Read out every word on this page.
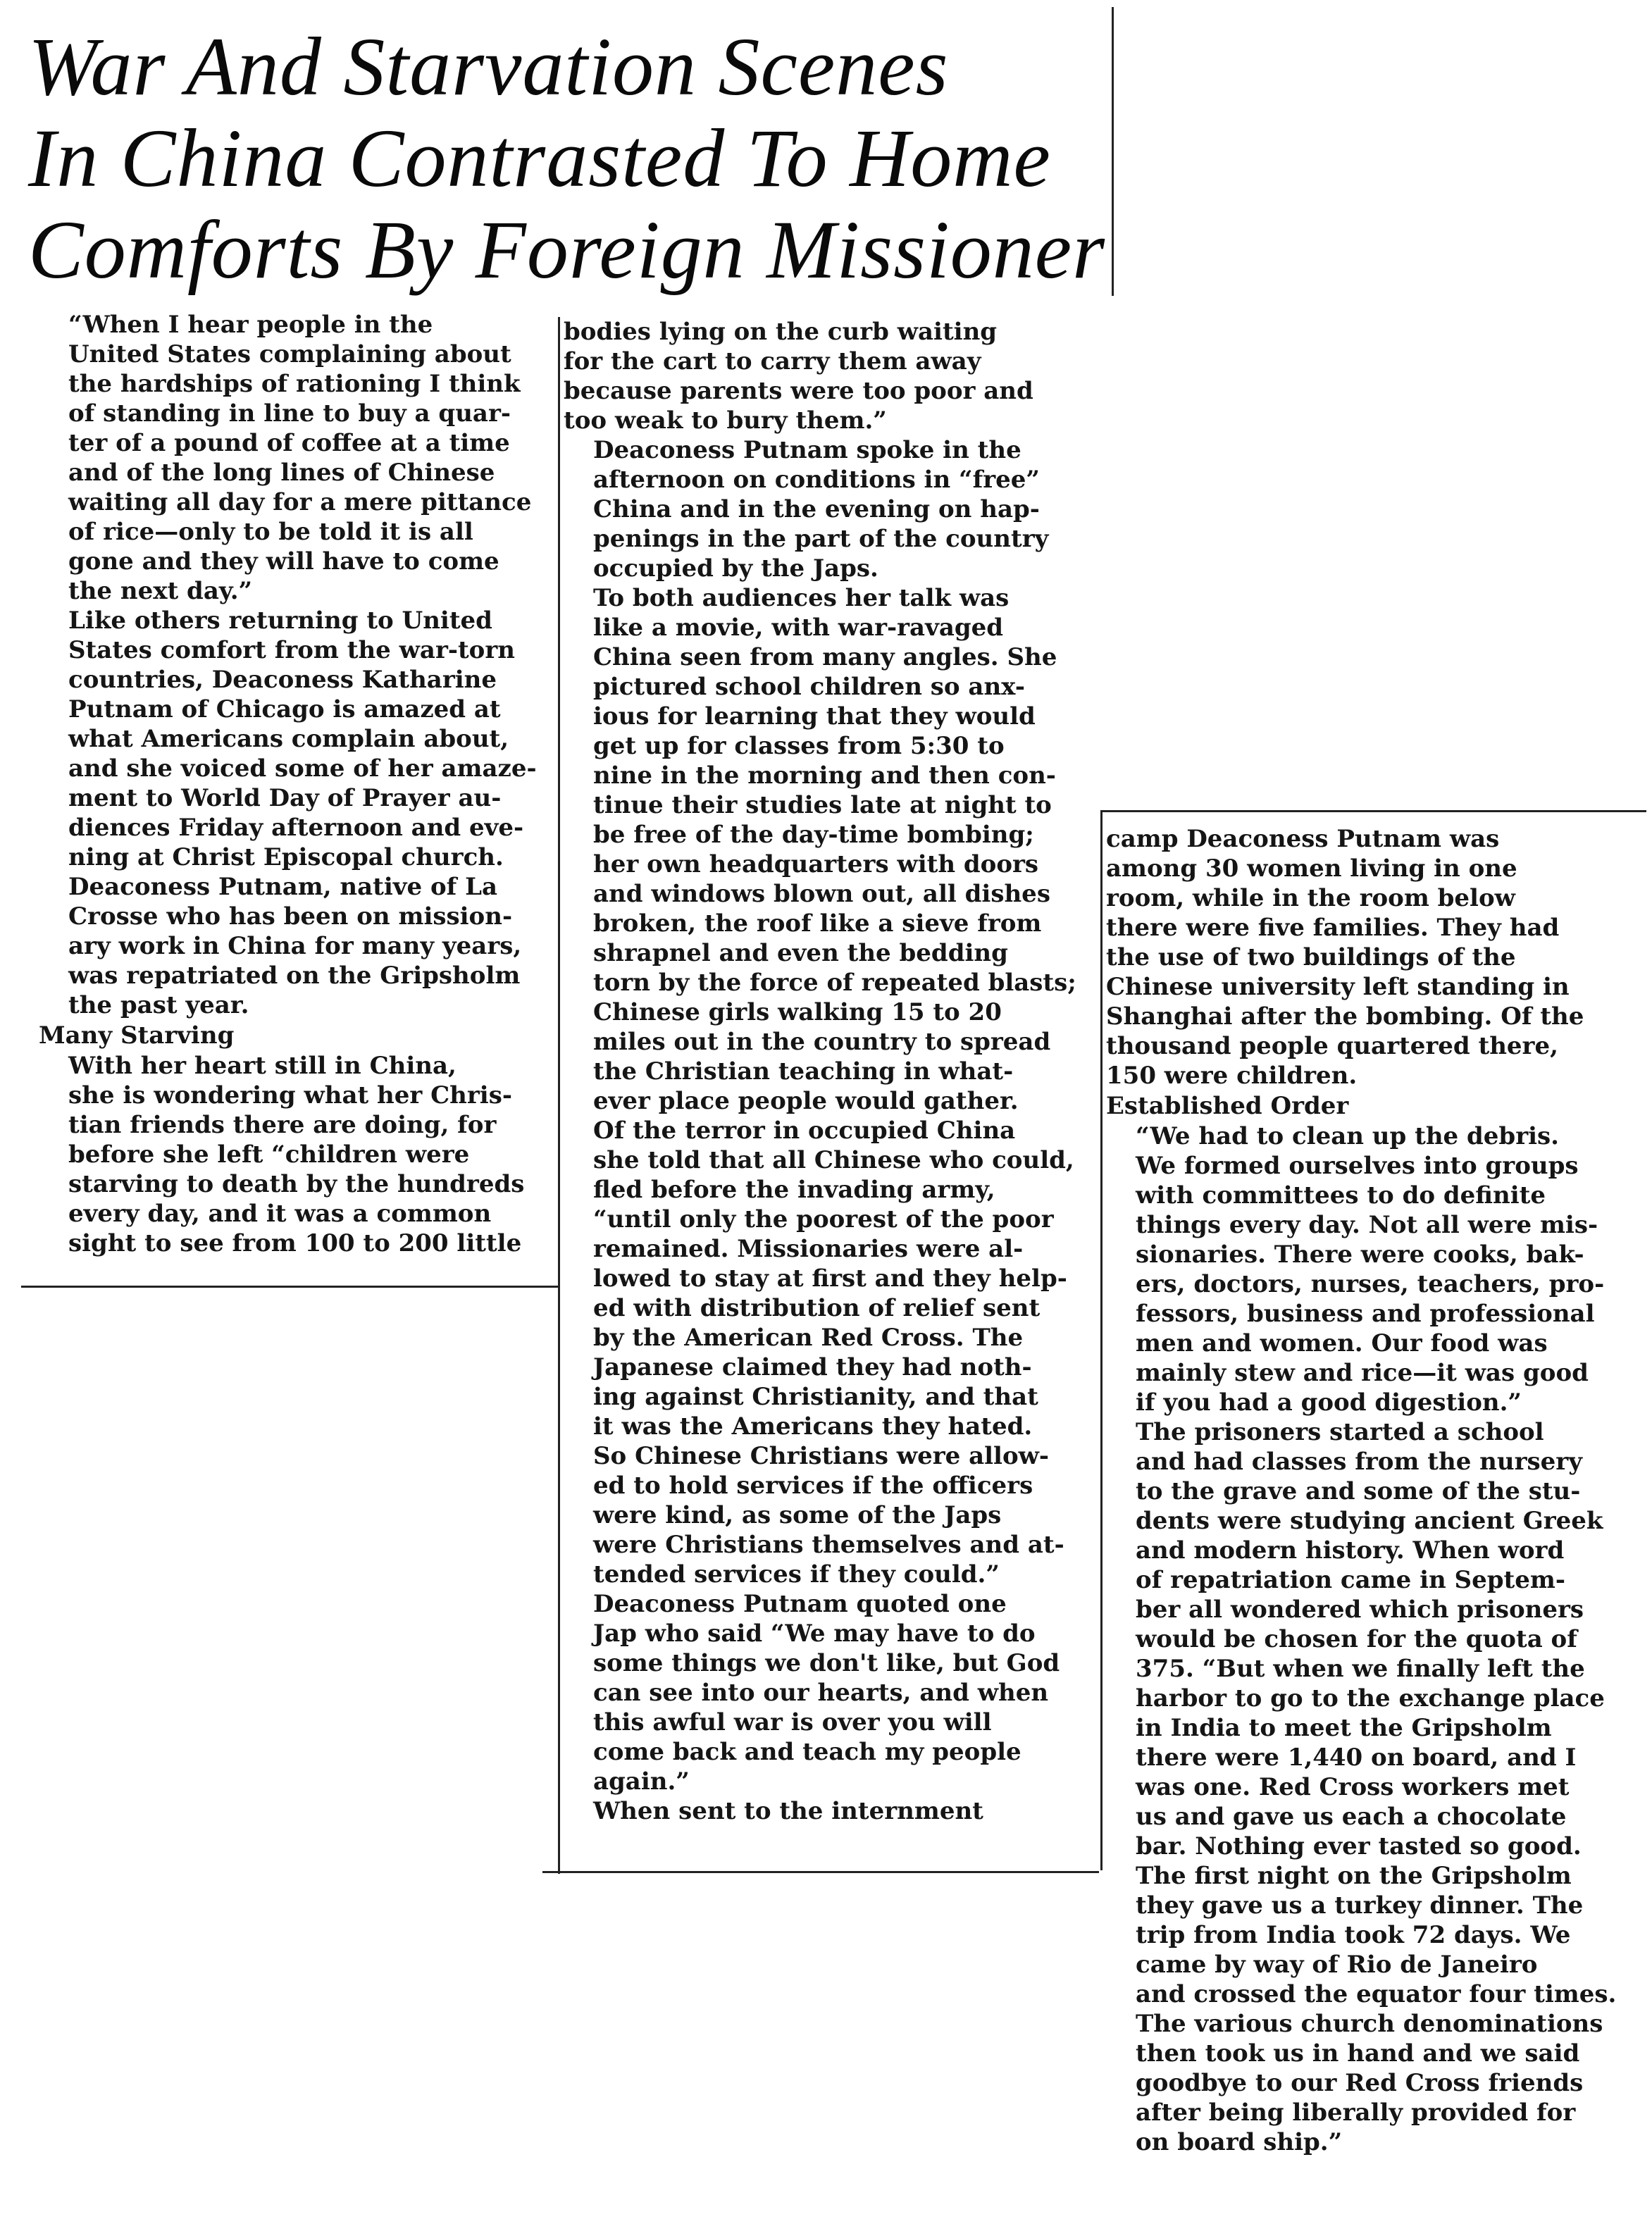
War And Starvation Scenes
In China Contrasted To Home
Comforts By Foreign Missioner

“When I hear people in the
United States complaining about
the hardships of rationing I think
of standing in line to buy a quar-
ter of a pound of coffee at a time
and of the long lines of Chinese
waiting all day for a mere pittance
of rice—only to be told it is all
gone and they will have to come
the next day.”

Like others returning to United
States comfort from the war-torn
countries, Deaconess Katharine
Putnam of Chicago is amazed at
what Americans complain about,
and she voiced some of her amaze-
ment to World Day of Prayer au-
diences Friday afternoon and eve-
ning at Christ Episcopal church.
Deaconess Putnam, native of La
Crosse who has been on mission-
ary work in China for many years,
was repatriated on the Gripsholm
the past year.

Many Starving

With her heart still in China,
she is wondering what her Chris-
tian friends there are doing, for
before she left “children were
starving to death by the hundreds
every day, and it was a common
sight to see from 100 to 200 little

bodies lying on the curb waiting
for the cart to carry them away
because parents were too poor and
too weak to bury them.”

Deaconess Putnam spoke in the
afternoon on conditions in “free”
China and in the evening on hap-
penings in the part of the country
occupied by the Japs.

To both audiences her talk was
like a movie, with war-ravaged
China seen from many angles. She
pictured school children so anx-
ious for learning that they would
get up for classes from 5:30 to
nine in the morning and then con-
tinue their studies late at night to
be free of the day-time bombing;
her own headquarters with doors
and windows blown out, all dishes
broken, the roof like a sieve from
shrapnel and even the bedding
torn by the force of repeated blasts;
Chinese girls walking 15 to 20
miles out in the country to spread
the Christian teaching in what-
ever place people would gather.

Of the terror in occupied China
she told that all Chinese who could,
fled before the invading army,
“until only the poorest of the poor
remained. Missionaries were al-
lowed to stay at first and they help-
ed with distribution of relief sent
by the American Red Cross. The
Japanese claimed they had noth-
ing against Christianity, and that
it was the Americans they hated.
So Chinese Christians were allow-
ed to hold services if the officers
were kind, as some of the Japs
were Christians themselves and at-
tended services if they could.”

Deaconess Putnam quoted one
Jap who said “We may have to do
some things we don't like, but God
can see into our hearts, and when
this awful war is over you will
come back and teach my people
again.”

When sent to the internment

camp Deaconess Putnam was
among 30 women living in one
room, while in the room below
there were five families. They had
the use of two buildings of the
Chinese university left standing in
Shanghai after the bombing. Of the
thousand people quartered there,
150 were children.

Established Order

“We had to clean up the debris.
We formed ourselves into groups
with committees to do definite
things every day. Not all were mis-
sionaries. There were cooks, bak-
ers, doctors, nurses, teachers, pro-
fessors, business and professional
men and women. Our food was
mainly stew and rice—it was good
if you had a good digestion.”

The prisoners started a school
and had classes from the nursery
to the grave and some of the stu-
dents were studying ancient Greek
and modern history. When word
of repatriation came in Septem-
ber all wondered which prisoners
would be chosen for the quota of
375. “But when we finally left the
harbor to go to the exchange place
in India to meet the Gripsholm
there were 1,440 on board, and I
was one. Red Cross workers met
us and gave us each a chocolate
bar. Nothing ever tasted so good.
The first night on the Gripsholm
they gave us a turkey dinner. The
trip from India took 72 days. We
came by way of Rio de Janeiro
and crossed the equator four times.
The various church denominations
then took us in hand and we said
goodbye to our Red Cross friends
after being liberally provided for
on board ship.”
